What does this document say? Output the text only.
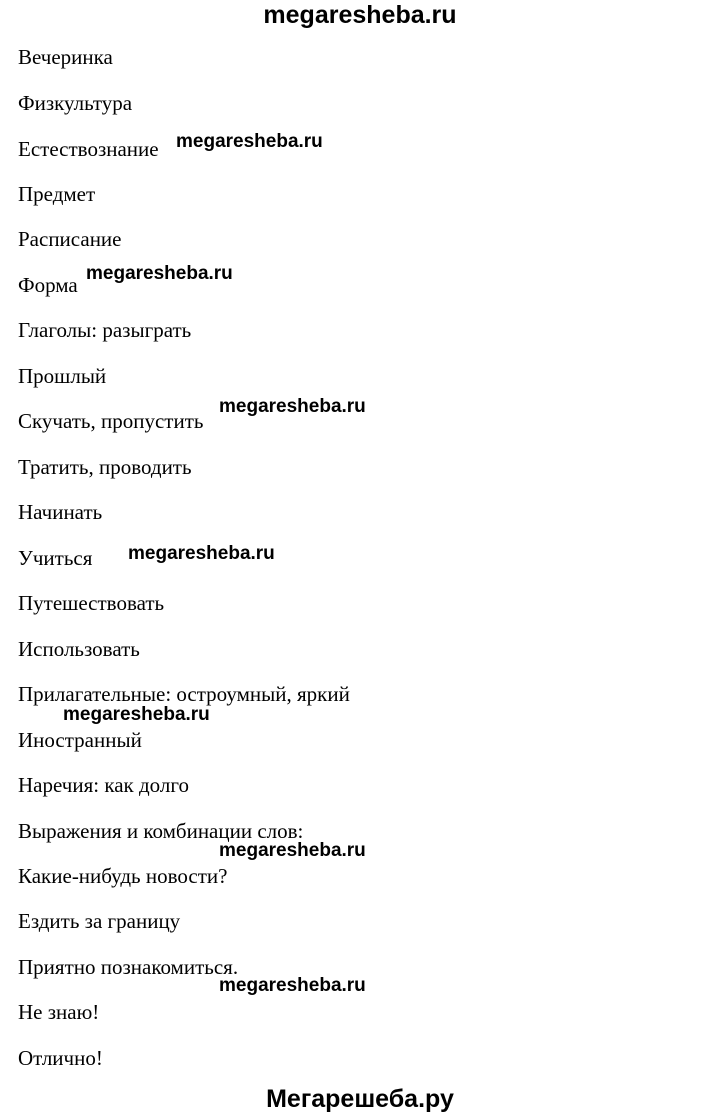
megaresheba.ru
Вечеринка
Физкультура
Естествознание
Предмет
Расписание
Форма
Глаголы: разыграть
Прошлый
Скучать, пропустить
Тратить, проводить
Начинать
Учиться
Путешествовать
Использовать
Прилагательные: остроумный, яркий
Иностранный
Наречия: как долго
Выражения и комбинации слов:
Какие-нибудь новости?
Ездить за границу
Приятно познакомиться.
Не знаю!
Отлично!
megaresheba.ru
megaresheba.ru
megaresheba.ru
megaresheba.ru
megaresheba.ru
megaresheba.ru
megaresheba.ru
Мегарешеба.ру
